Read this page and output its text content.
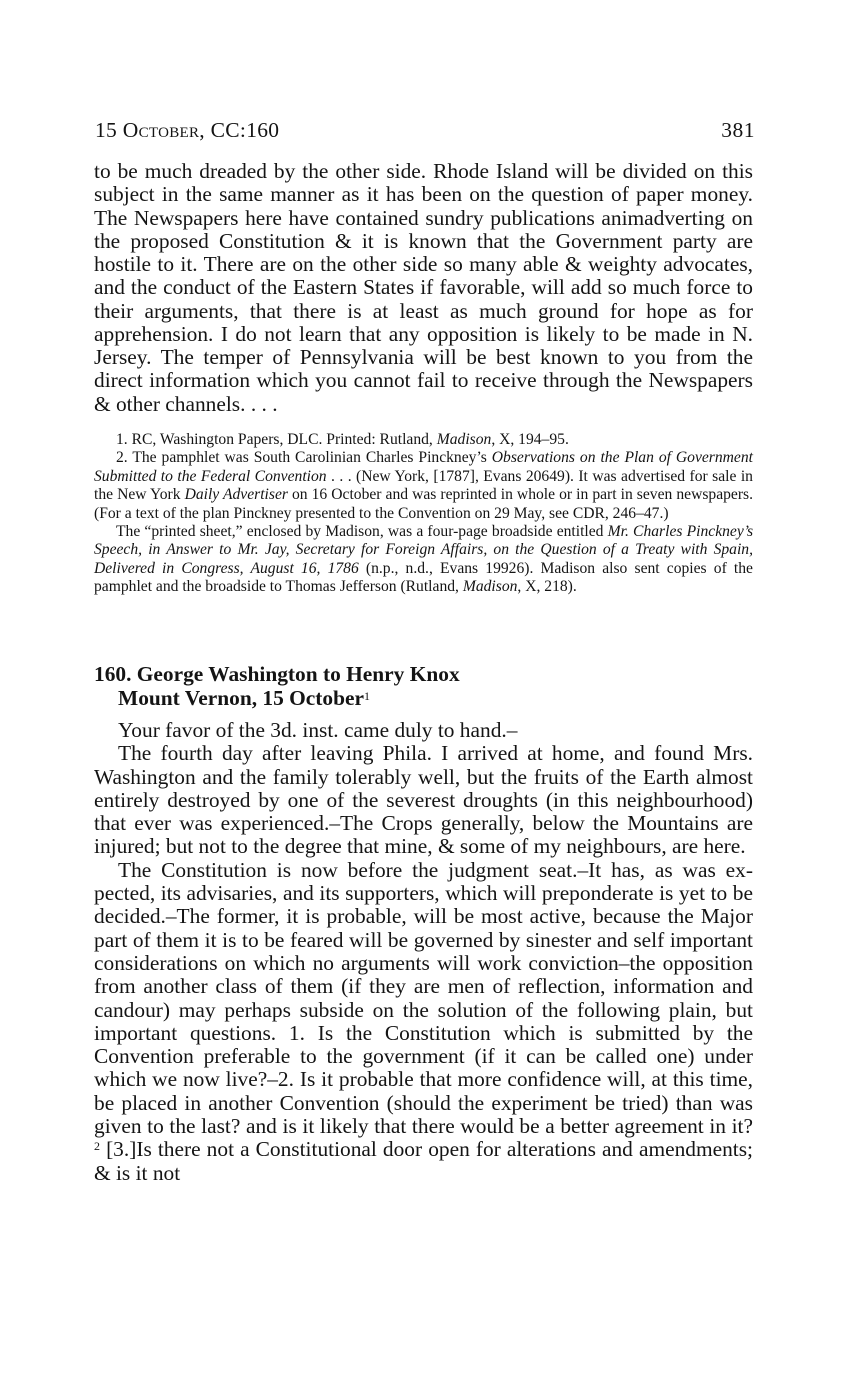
15 October, CC:160	381

to be much dreaded by the other side. Rhode Island will be divided on this subject in the same manner as it has been on the question of paper money. The Newspapers here have contained sundry publications animadverting on the proposed Constitution & it is known that the Government party are hostile to it. There are on the other side so many able & weighty advocates, and the conduct of the Eastern States if favorable, will add so much force to their arguments, that there is at least as much ground for hope as for apprehension. I do not learn that any opposition is likely to be made in N. Jersey. The temper of Pennsylvania will be best known to you from the direct information which you cannot fail to receive through the Newspapers & other channels. . . .

1. RC, Washington Papers, DLC. Printed: Rutland, Madison, X, 194–95.

2. The pamphlet was South Carolinian Charles Pinckney’s Observations on the Plan of Government Submitted to the Federal Convention . . . (New York, [1787], Evans 20649). It was advertised for sale in the New York Daily Advertiser on 16 October and was reprinted in whole or in part in seven newspapers. (For a text of the plan Pinckney presented to the Convention on 29 May, see CDR, 246–47.)

The “printed sheet,” enclosed by Madison, was a four-page broadside entitled Mr. Charles Pinckney’s Speech, in Answer to Mr. Jay, Secretary for Foreign Affairs, on the Question of a Treaty with Spain, Delivered in Congress, August 16, 1786 (n.p., n.d., Evans 19926). Madison also sent copies of the pamphlet and the broadside to Thomas Jefferson (Rutland, Madison, X, 218).

160. George Washington to Henry Knox
Mount Vernon, 15 October$^1$

Your favor of the 3d. inst. came duly to hand.–

The fourth day after leaving Phila. I arrived at home, and found Mrs. Washington and the family tolerably well, but the fruits of the Earth almost entirely destroyed by one of the severest droughts (in this neighbourhood) that ever was experienced.–The Crops generally, below the Mountains are injured; but not to the degree that mine, & some of my neighbours, are here.

The Constitution is now before the judgment seat.–It has, as was expected, its advisaries, and its supporters, which will preponderate is yet to be decided.–The former, it is probable, will be most active, because the Major part of them it is to be feared will be governed by sinester and self important considerations on which no arguments will work conviction–the opposition from another class of them (if they are men of reflection, information and candour) may perhaps subside on the solution of the following plain, but important questions. 1. Is the Constitution which is submitted by the Convention preferable to the government (if it can be called one) under which we now live?–2. Is it probable that more confidence will, at this time, be placed in another Convention (should the experiment be tried) than was given to the last? and is it likely that there would be a better agreement in it?$^2$ [3.]Is there not a Constitutional door open for alterations and amendments; & is it not
